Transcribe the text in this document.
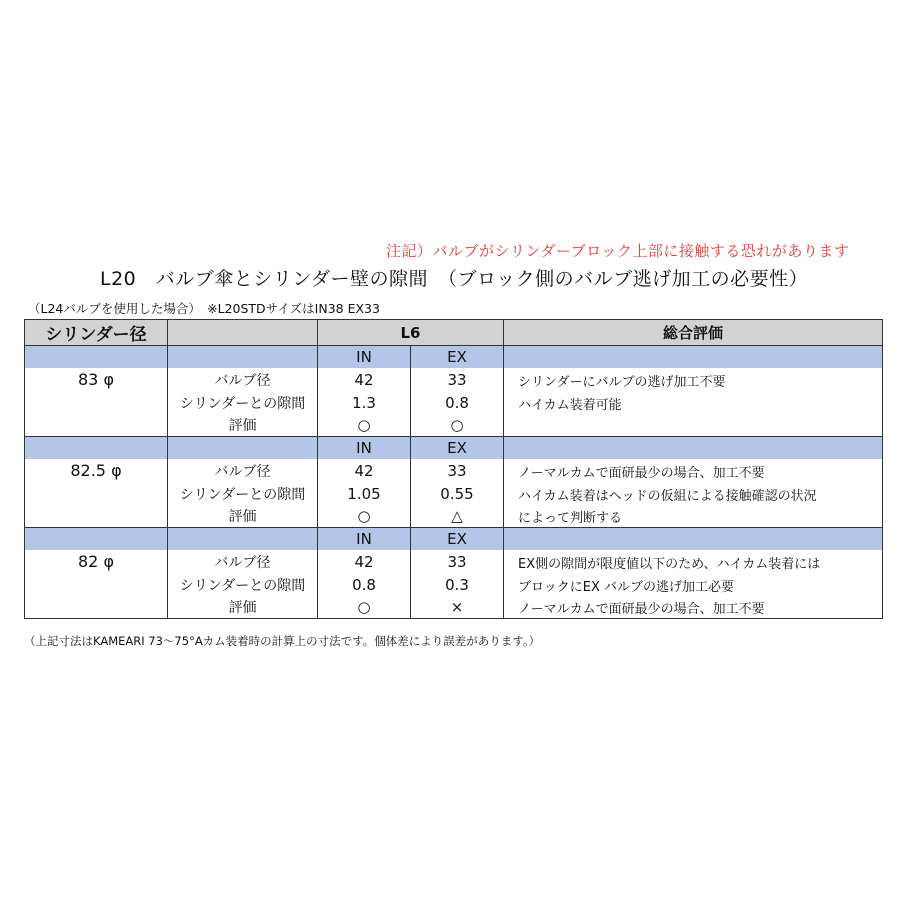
注記）バルブがシリンダーブロック上部に接触する恐れがあります
L20　バルブ傘とシリンダー壁の隙間　（ブロック側のバルブ逃げ加工の必要性）
（L24バルブを使用した場合）　※L20STDサイズはIN38 EX33
シリンダー径		L6		総合評価
		IN	EX	
83 φ	バルブ径	42	33	シリンダーにバルブの逃げ加工不要
	シリンダーとの隙間	1.3	0.8	ハイカム装着可能
	評価	○	○	
		IN	EX	
82.5 φ	バルブ径	42	33	ノーマルカムで面研最少の場合、加工不要
	シリンダーとの隙間	1.05	0.55	ハイカム装着はヘッドの仮組による接触確認の状況
	評価	○	△	によって判断する
		IN	EX	
82 φ	バルブ径	42	33	EX側の隙間が限度値以下のため、ハイカム装着には
	シリンダーとの隙間	0.8	0.3	ブロックにEX バルブの逃げ加工必要
	評価	○	×	ノーマルカムで面研最少の場合、加工不要
（上記寸法はKAMEARI 73～75°Aカム装着時の計算上の寸法です。個体差により誤差があります。）
